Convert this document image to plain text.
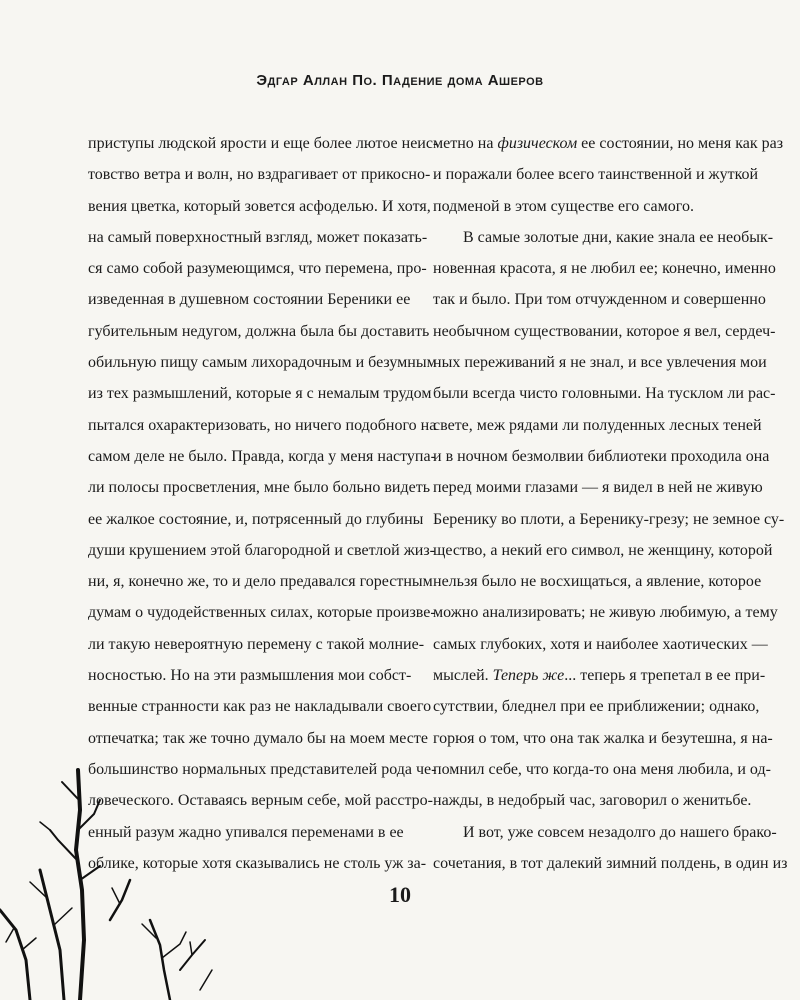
Эдгар Аллан По. Падение дома Ашеров
приступы людской ярости и еще более лютое неис-
товство ветра и волн, но вздрагивает от прикосно-
вения цветка, который зовется асфоделью. И хотя,
на самый поверхностный взгляд, может показать-
ся само собой разумеющимся, что перемена, про-
изведенная в душевном состоянии Береники ее
губительным недугом, должна была бы доставить
обильную пищу самым лихорадочным и безумным
из тех размышлений, которые я с немалым трудом
пытался охарактеризовать, но ничего подобного на
самом деле не было. Правда, когда у меня наступа-
ли полосы просветления, мне было больно видеть
ее жалкое состояние, и, потрясенный до глубины
души крушением этой благородной и светлой жиз-
ни, я, конечно же, то и дело предавался горестным
думам о чудодейственных силах, которые произве-
ли такую невероятную перемену с такой молние-
носностью. Но на эти размышления мои собст-
венные странности как раз не накладывали своего
отпечатка; так же точно думало бы на моем месте
большинство нормальных представителей рода че-
ловеческого. Оставаясь верным себе, мой расстро-
енный разум жадно упивался переменами в ее
облике, которые хотя сказывались не столь уж за-
метно на физическом ее состоянии, но меня как раз
и поражали более всего таинственной и жуткой
подменой в этом существе его самого.
В самые золотые дни, какие знала ее необык-
новенная красота, я не любил ее; конечно, именно
так и было. При том отчужденном и совершенно
необычном существовании, которое я вел, сердеч-
ных переживаний я не знал, и все увлечения мои
были всегда чисто головными. На тусклом ли рас-
свете, меж рядами ли полуденных лесных теней
и в ночном безмолвии библиотеки проходила она
перед моими глазами — я видел в ней не живую
Беренику во плоти, а Беренику-грезу; не земное су-
щество, а некий его символ, не женщину, которой
нельзя было не восхищаться, а явление, которое
можно анализировать; не живую любимую, а тему
самых глубоких, хотя и наиболее хаотических —
мыслей. Теперь же... теперь я трепетал в ее при-
сутствии, бледнел при ее приближении; однако,
горюя о том, что она так жалка и безутешна, я на-
помнил себе, что когда-то она меня любила, и од-
нажды, в недобрый час, заговорил о женитьбе.
И вот, уже совсем незадолго до нашего брако-
сочетания, в тот далекий зимний полдень, в один из
10
